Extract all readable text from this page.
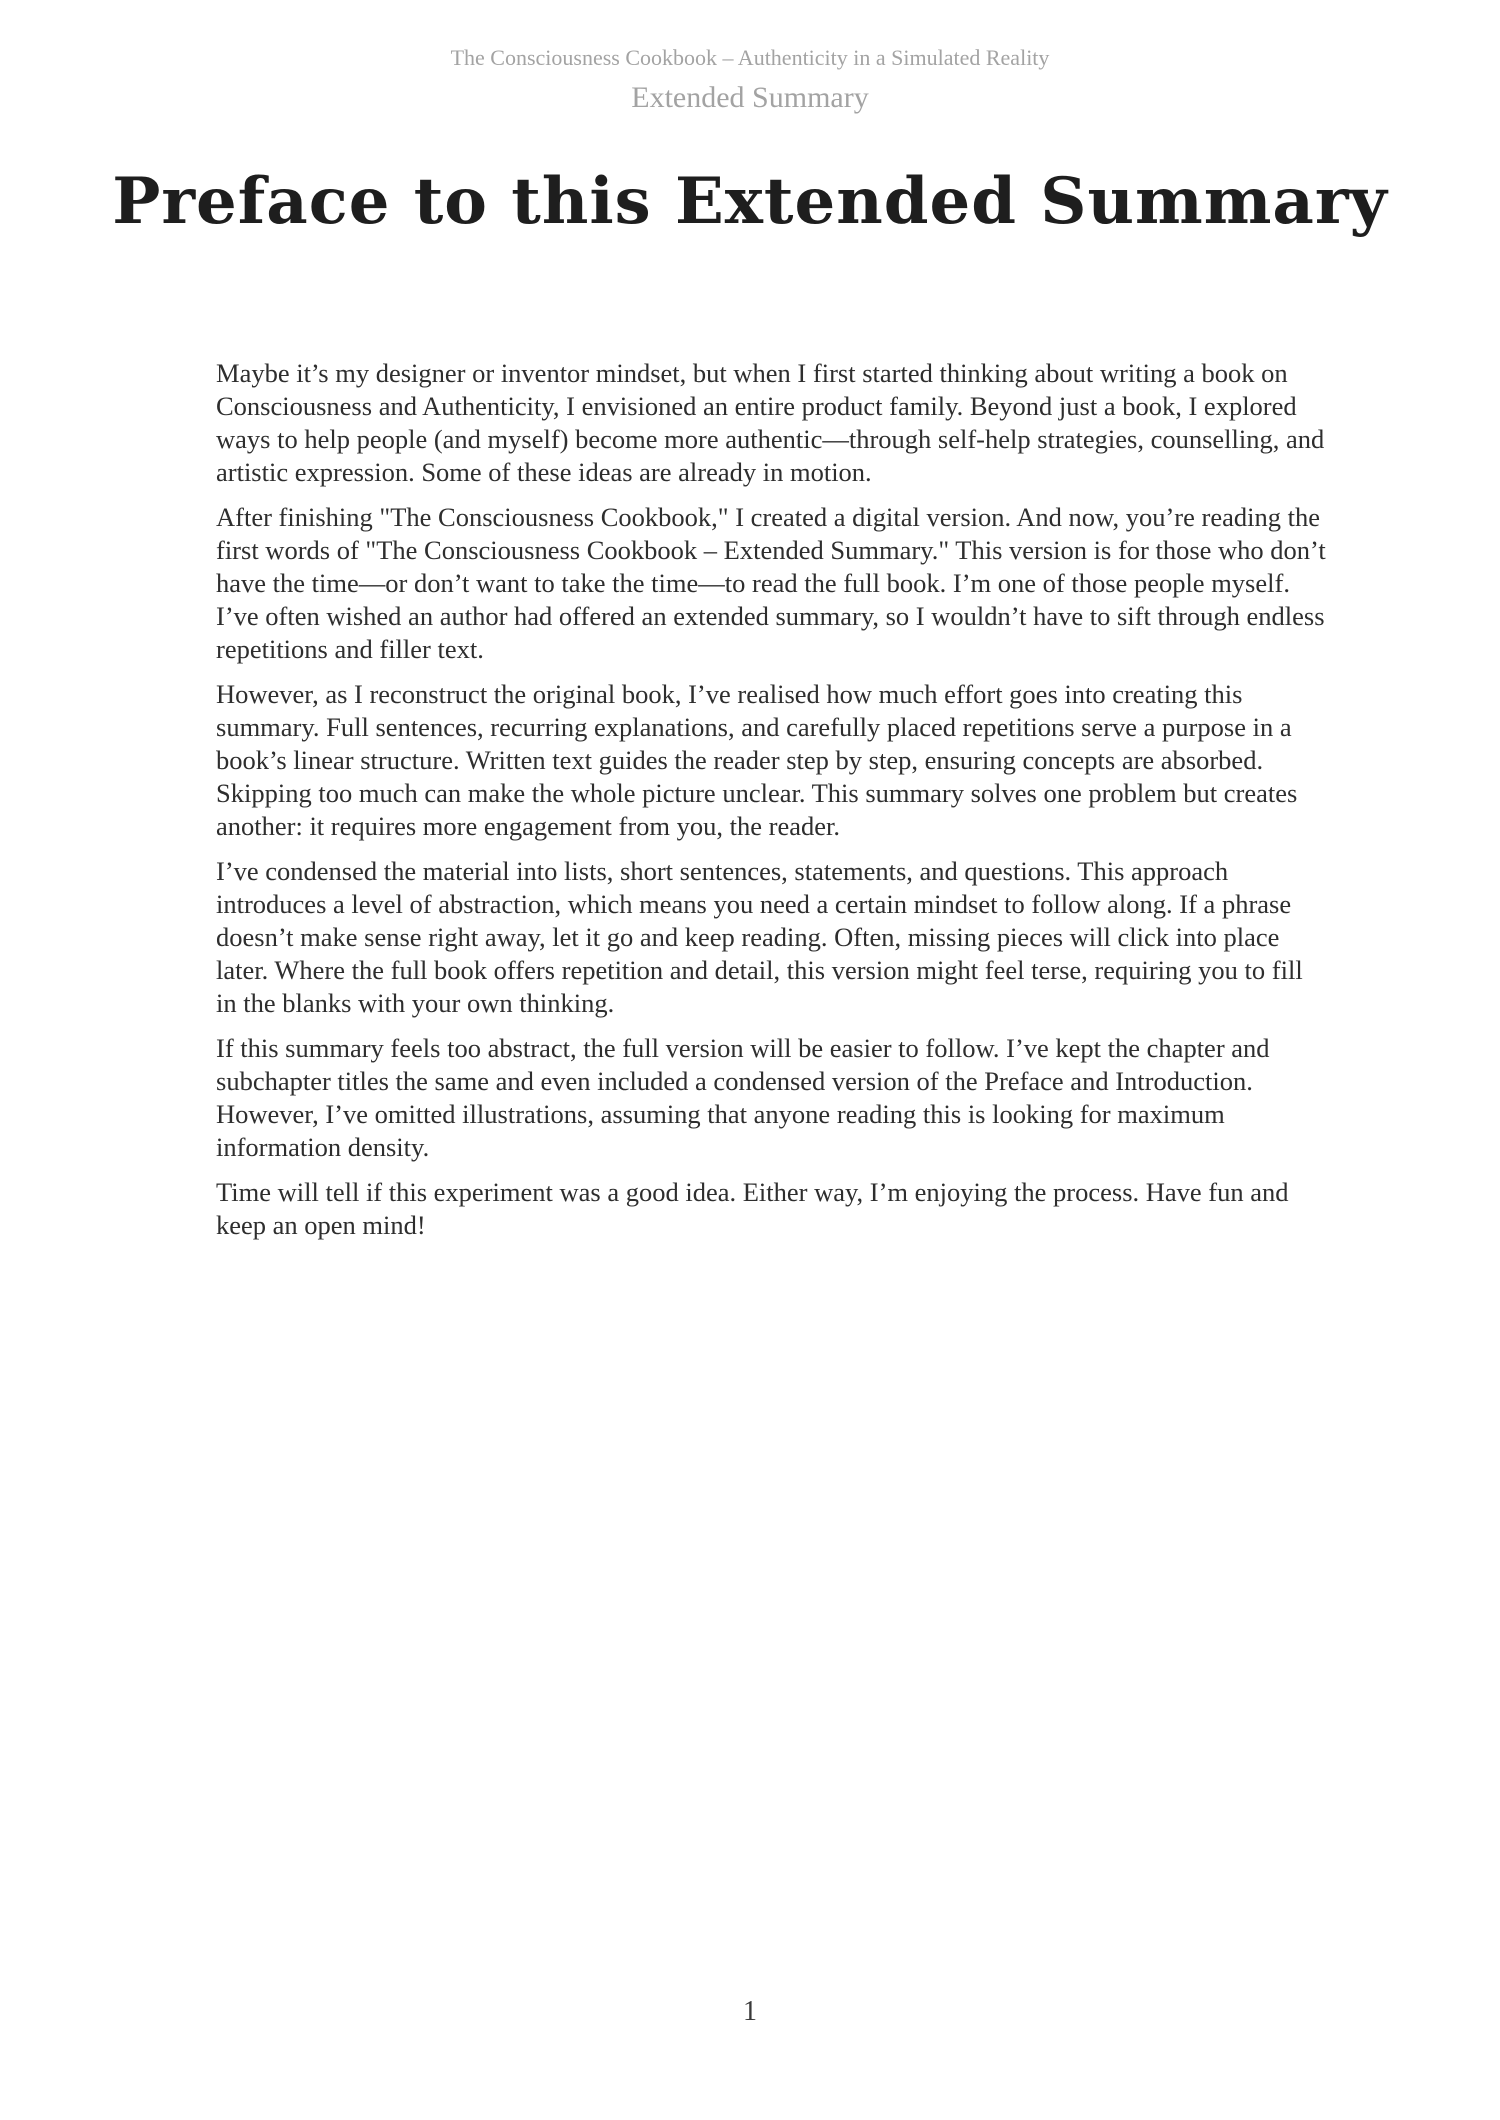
The Consciousness Cookbook – Authenticity in a Simulated Reality
Extended Summary
Preface to this Extended Summary

Maybe it’s my designer or inventor mindset, but when I first started thinking about writing a book on Consciousness and Authenticity, I envisioned an entire product family. Beyond just a book, I explored ways to help people (and myself) become more authentic—through self-help strategies, counselling, and artistic expression. Some of these ideas are already in motion.

After finishing "The Consciousness Cookbook," I created a digital version. And now, you’re reading the first words of "The Consciousness Cookbook – Extended Summary." This version is for those who don’t have the time—or don’t want to take the time—to read the full book. I’m one of those people myself. I’ve often wished an author had offered an extended summary, so I wouldn’t have to sift through endless repetitions and filler text.

However, as I reconstruct the original book, I’ve realised how much effort goes into creating this summary. Full sentences, recurring explanations, and carefully placed repetitions serve a purpose in a book’s linear structure. Written text guides the reader step by step, ensuring concepts are absorbed. Skipping too much can make the whole picture unclear. This summary solves one problem but creates another: it requires more engagement from you, the reader.

I’ve condensed the material into lists, short sentences, statements, and questions. This approach introduces a level of abstraction, which means you need a certain mindset to follow along. If a phrase doesn’t make sense right away, let it go and keep reading. Often, missing pieces will click into place later. Where the full book offers repetition and detail, this version might feel terse, requiring you to fill in the blanks with your own thinking.

If this summary feels too abstract, the full version will be easier to follow. I’ve kept the chapter and subchapter titles the same and even included a condensed version of the Preface and Introduction. However, I’ve omitted illustrations, assuming that anyone reading this is looking for maximum information density.

Time will tell if this experiment was a good idea. Either way, I’m enjoying the process. Have fun and keep an open mind!

1
